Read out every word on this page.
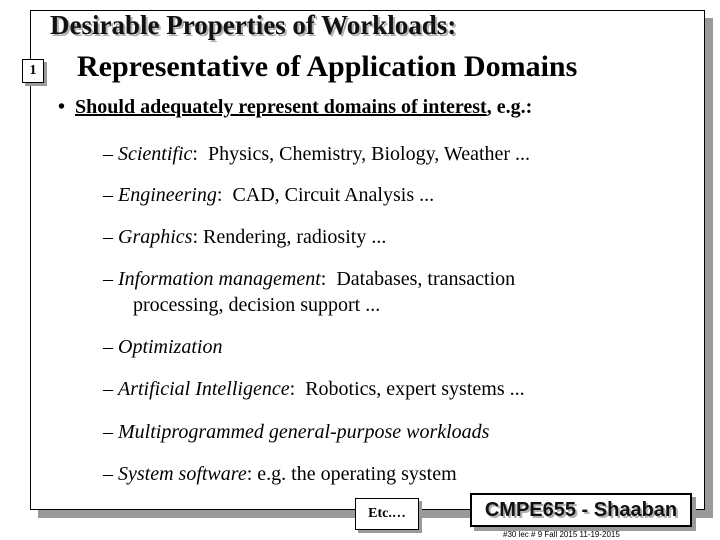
Desirable Properties of Workloads:
1 Representative of Application Domains
• Should adequately represent domains of interest, e.g.:
– Scientific:  Physics, Chemistry, Biology, Weather ...
– Engineering:  CAD, Circuit Analysis ...
– Graphics: Rendering, radiosity ...
– Information management:  Databases, transaction
processing, decision support ...
– Optimization
– Artificial Intelligence:  Robotics, expert systems ...
– Multiprogrammed general-purpose workloads
– System software: e.g. the operating system
Etc.…	CMPE655 - Shaaban
#30 lec # 9 Fall 2015 11-19-2015
